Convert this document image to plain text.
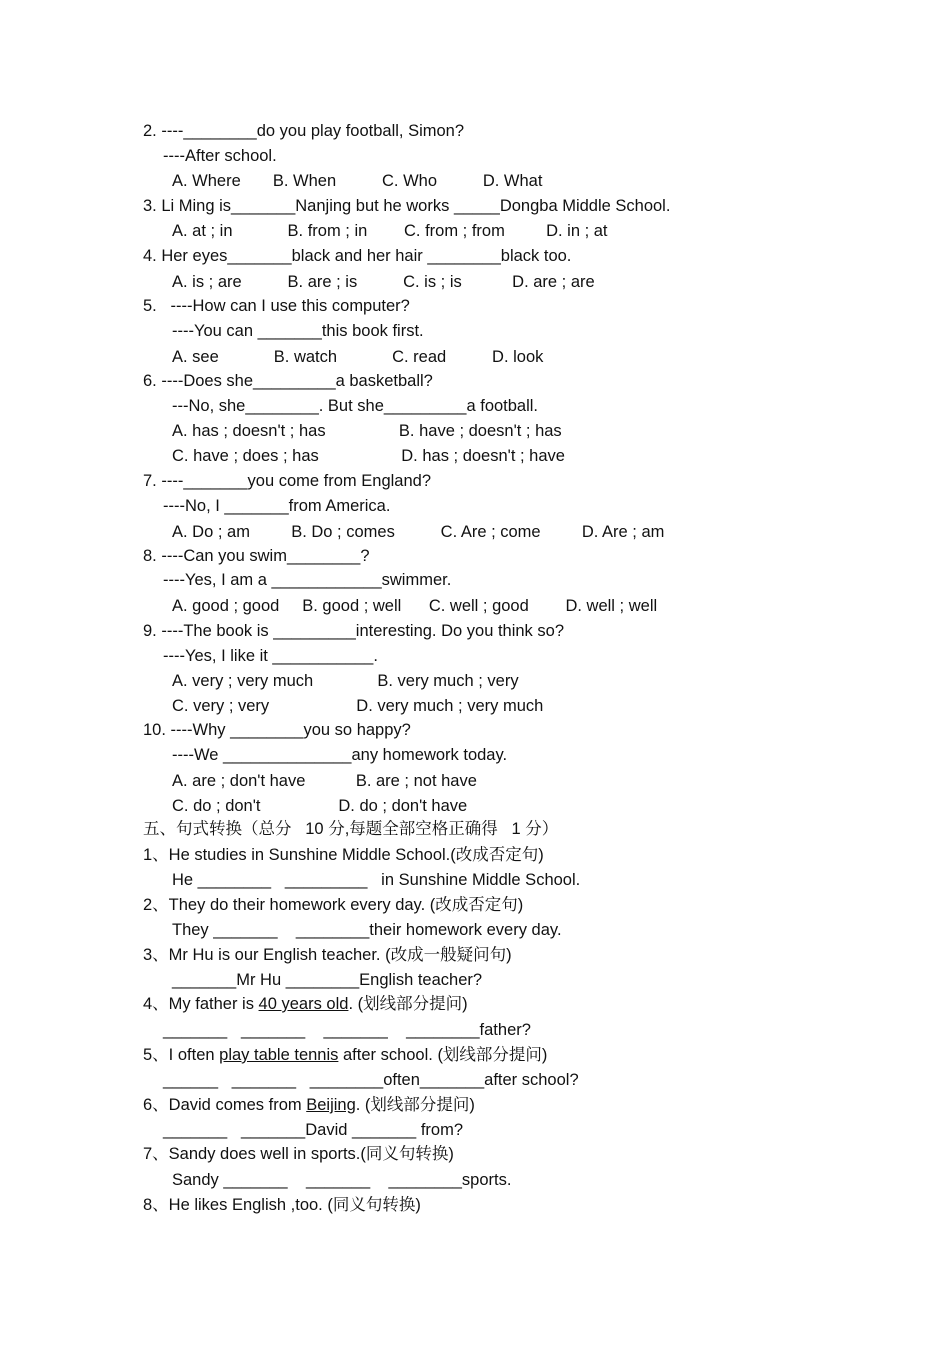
2. ----________do you play football, Simon?
----After school.
A. Where       B. When          C. Who          D. What
3. Li Ming is_______Nanjing but he works _____Dongba Middle School.
A. at ; in            B. from ; in        C. from ; from         D. in ; at
4. Her eyes_______black and her hair ________black too.
A. is ; are          B. are ; is          C. is ; is           D. are ; are
5.   ----How can I use this computer?
----You can _______this book first.
A. see            B. watch            C. read          D. look
6. ----Does she_________a basketball?
---No, she________. But she_________a football.
A. has ; doesn't ; has                B. have ; doesn't ; has
C. have ; does ; has                  D. has ; doesn't ; have
7. ----_______you come from England?
----No, I _______from America.
A. Do ; am         B. Do ; comes          C. Are ; come         D. Are ; am
8. ----Can you swim________?
----Yes, I am a ____________swimmer.
A. good ; good     B. good ; well      C. well ; good        D. well ; well
9. ----The book is _________interesting. Do you think so?
----Yes, I like it ___________.
A. very ; very much              B. very much ; very
C. very ; very                   D. very much ; very much
10. ----Why ________you so happy?
----We ______________any homework today.
A. are ; don't have           B. are ; not have
C. do ; don't                 D. do ; don't have
五、句式转换（总分   10 分,每题全部空格正确得   1 分）
1、He studies in Sunshine Middle School.(改成否定句)
He ________   _________   in Sunshine Middle School.
2、They do their homework every day. (改成否定句)
They _______    ________their homework every day.
3、Mr Hu is our English teacher. (改成一般疑问句)
_______Mr Hu ________English teacher?
4、My father is 40 years old. (划线部分提问)
_______   _______    _______    ________father?
5、I often play table tennis after school. (划线部分提问)
______   _______   ________often_______after school?
6、David comes from Beijing. (划线部分提问)
_______   _______David _______ from?
7、Sandy does well in sports.(同义句转换)
Sandy _______    _______    ________sports.
8、He likes English ,too. (同义句转换)
